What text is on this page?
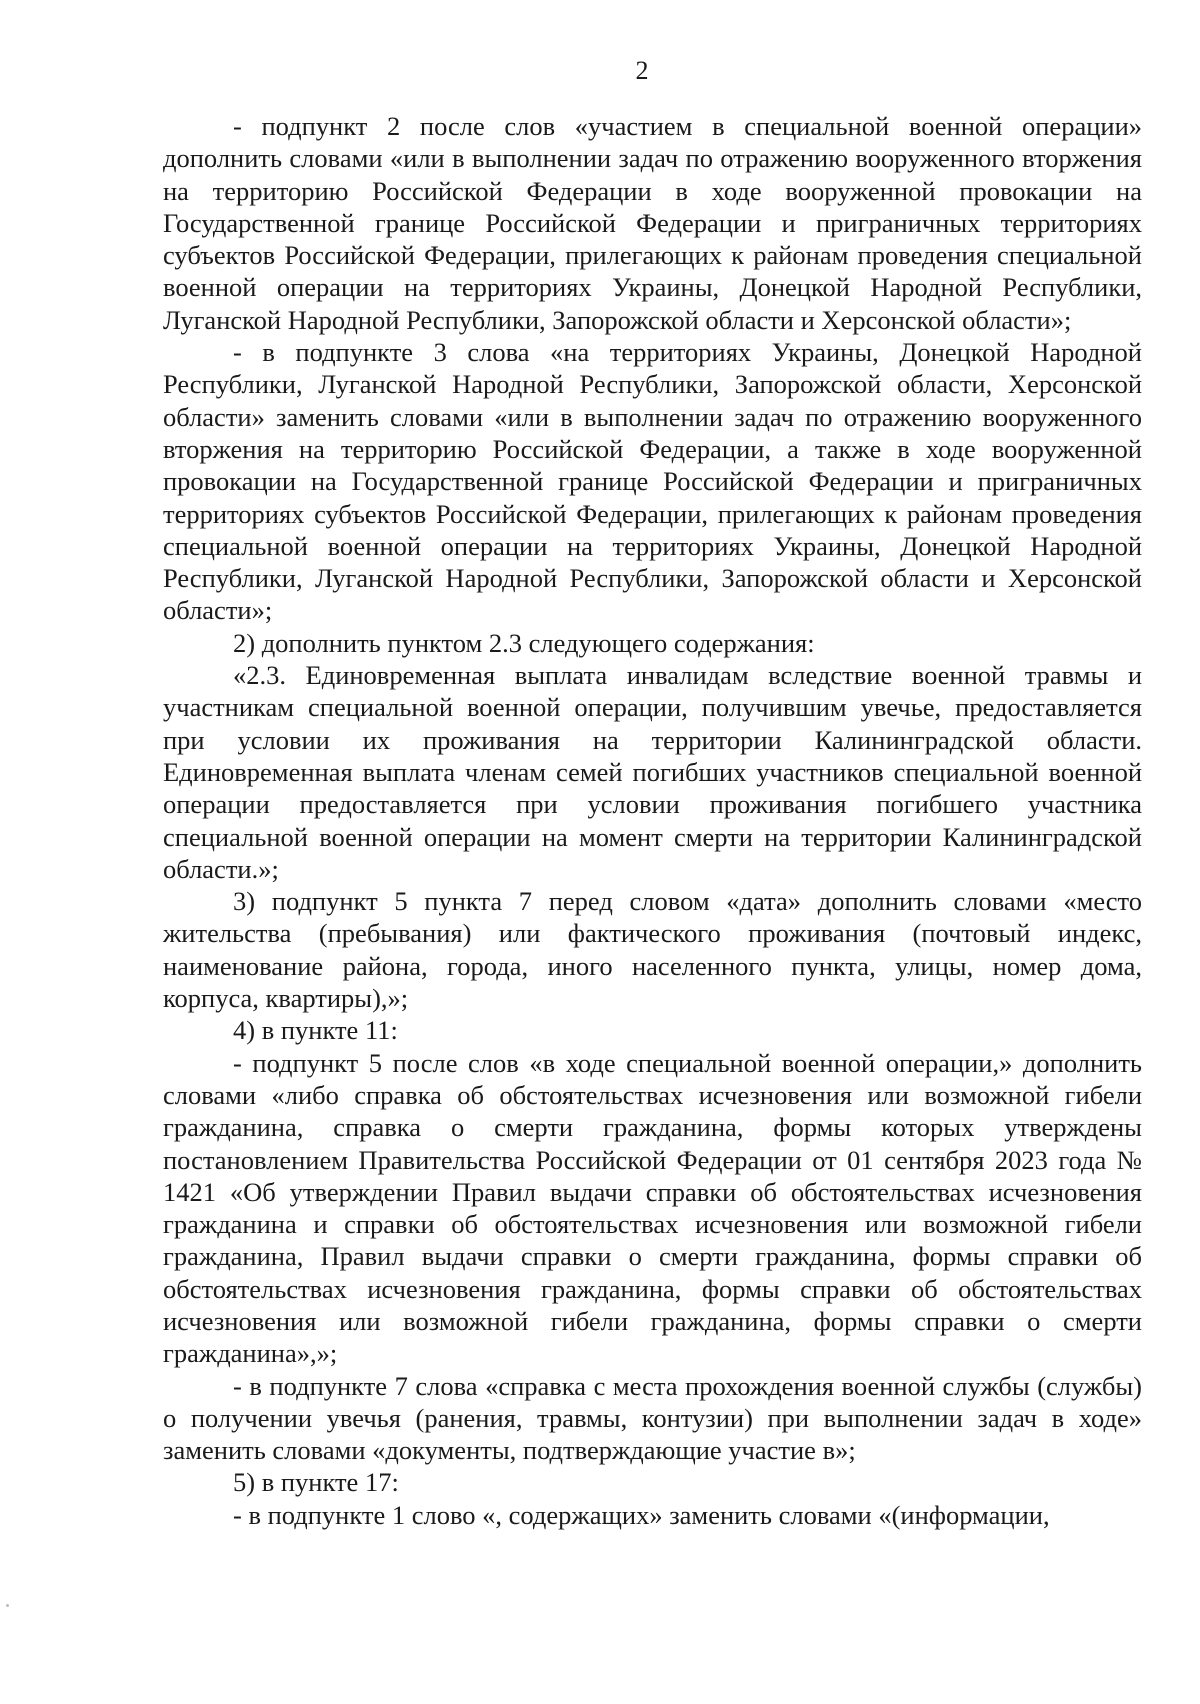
2

- подпункт 2 после слов «участием в специальной военной операции» дополнить словами «или в выполнении задач по отражению вооруженного вторжения на территорию Российской Федерации в ходе вооруженной провокации на Государственной границе Российской Федерации и приграничных территориях субъектов Российской Федерации, прилегающих к районам проведения специальной военной операции на территориях Украины, Донецкой Народной Республики, Луганской Народной Республики, Запорожской области и Херсонской области»;

- в подпункте 3 слова «на территориях Украины, Донецкой Народной Республики, Луганской Народной Республики, Запорожской области, Херсонской области» заменить словами «или в выполнении задач по отражению вооруженного вторжения на территорию Российской Федерации, а также в ходе вооруженной провокации на Государственной границе Российской Федерации и приграничных территориях субъектов Российской Федерации, прилегающих к районам проведения специальной военной операции на территориях Украины, Донецкой Народной Республики, Луганской Народной Республики, Запорожской области и Херсонской области»;

2) дополнить пунктом 2.3 следующего содержания:

«2.3. Единовременная выплата инвалидам вследствие военной травмы и участникам специальной военной операции, получившим увечье, предоставляется при условии их проживания на территории Калининградской области. Единовременная выплата членам семей погибших участников специальной военной операции предоставляется при условии проживания погибшего участника специальной военной операции на момент смерти на территории Калининградской области.»;

3) подпункт 5 пункта 7 перед словом «дата» дополнить словами «место жительства (пребывания) или фактического проживания (почтовый индекс, наименование района, города, иного населенного пункта, улицы, номер дома, корпуса, квартиры),»;

4) в пункте 11:

- подпункт 5 после слов «в ходе специальной военной операции,» дополнить словами «либо справка об обстоятельствах исчезновения или возможной гибели гражданина, справка о смерти гражданина, формы которых утверждены постановлением Правительства Российской Федерации от 01 сентября 2023 года № 1421 «Об утверждении Правил выдачи справки об обстоятельствах исчезновения гражданина и справки об обстоятельствах исчезновения или возможной гибели гражданина, Правил выдачи справки о смерти гражданина, формы справки об обстоятельствах исчезновения гражданина, формы справки об обстоятельствах исчезновения или возможной гибели гражданина, формы справки о смерти гражданина»,»;

- в подпункте 7 слова «справка с места прохождения военной службы (службы) о получении увечья (ранения, травмы, контузии) при выполнении задач в ходе» заменить словами «документы, подтверждающие участие в»;

5) в пункте 17:

- в подпункте 1 слово «, содержащих» заменить словами «(информации,
